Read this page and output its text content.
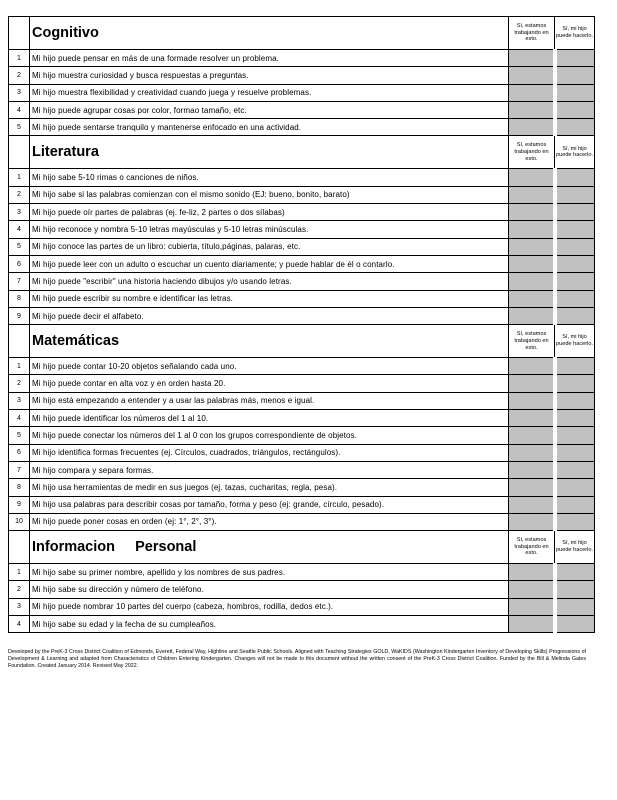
	Cognitivo	Sí, estamos trabajando en esto.	Sí, mi hijo puede hacerlo.
1	Mi hijo puede pensar en más de una formade resolver un problema.		
2	Mi hijo muestra curiosidad y busca respuestas a preguntas.		
3	Mi hijo muestra flexibilidad y creatividad cuando juega y resuelve problemas.		
4	Mi hijo puede agrupar cosas por color, formao tamaño, etc.		
5	Mi hijo puede sentarse tranquilo y mantenerse enfocado en una actividad.		
	Literatura	Sí, estamos trabajando en esto.	Sí, mi hijo puede hacerlo.
1	Mi hijo sabe 5-10 rimas o canciones de niños.		
2	Mi hijo sabe si las palabras comienzan con el mismo sonido (EJ: bueno, bonito, barato)		
3	Mi hijo puede oír partes de palabras (ej. fe-liz, 2 partes o dos sílabas)		
4	Mi hijo reconoce y nombra 5-10 letras mayúsculas y 5-10 letras minúsculas.		
5	Mi hijo conoce las partes de un libro: cubierta, título,páginas, palaras, etc.		
6	Mi hijo puede leer con un adulto o escuchar un cuento diariamente; y puede hablar de él o contarlo.		
7	Mi hijo puede "escribir" una historia haciendo dibujos y/o usando letras.		
8	Mi hijo puede escribir su nombre e identificar las letras.		
9	Mi hijo puede decir el alfabeto.		
	Matemáticas	Sí, estamos trabajando en esto.	Sí, mi hijo puede hacerlo.
1	Mi hijo puede contar 10-20 objetos señalando cada uno.		
2	Mi hijo puede contar en alta voz y en orden hasta 20.		
3	Mi hijo está empezando a entender y a usar las palabras más, menos e igual.		
4	Mi hijo puede identificar los números del 1 al 10.		
5	Mi hijo puede conectar los números del 1 al 0 con los grupos correspondiente de objetos.		
6	Mi hijo identifica formas frecuentes (ej. Círculos, cuadrados, triángulos, rectángulos).		
7	Mi hijo compara y separa formas.		
8	Mi hijo usa herramientas de medir en sus juegos (ej. tazas, cucharitas, regla, pesa).		
9	Mi hijo usa palabras para describir cosas por tamaño, forma y peso (ej: grande, círculo, pesado).		
10	Mi hijo puede poner cosas en orden (ej: 1°, 2°, 3°).		
	Informacion     Personal	Sí, estamos trabajando en esto.	Sí, mi hijo puede hacerlo.
1	Mi hijo sabe su primer nombre, apellido y los nombres de sus padres.		
2	Mi hijo sabe su dirección y número de teléfono.		
3	Mi hijo puede nombrar 10 partes del cuerpo (cabeza, hombros, rodilla, dedos etc.).		
4	Mi hijo sabe su edad y la fecha de su cumpleaños.		
Developed by the PreK-3 Cross District Coalition of Edmonds, Everett, Federal Way, Highline and Seattle Public Schools. Aligned with Teaching Strategies GOLD, WaKIDS (Washington Kindergarten Inventory of Developing Skills) Progressions of Development & Learning and adapted from Characteristics of Children Entering Kindergarten. Changes will not be made to this document without the written consent of the PreK-3 Cross District Coalition. Funded by the Bill & Melinda Gates Foundation. Created January 2014. Revised May 2022.
